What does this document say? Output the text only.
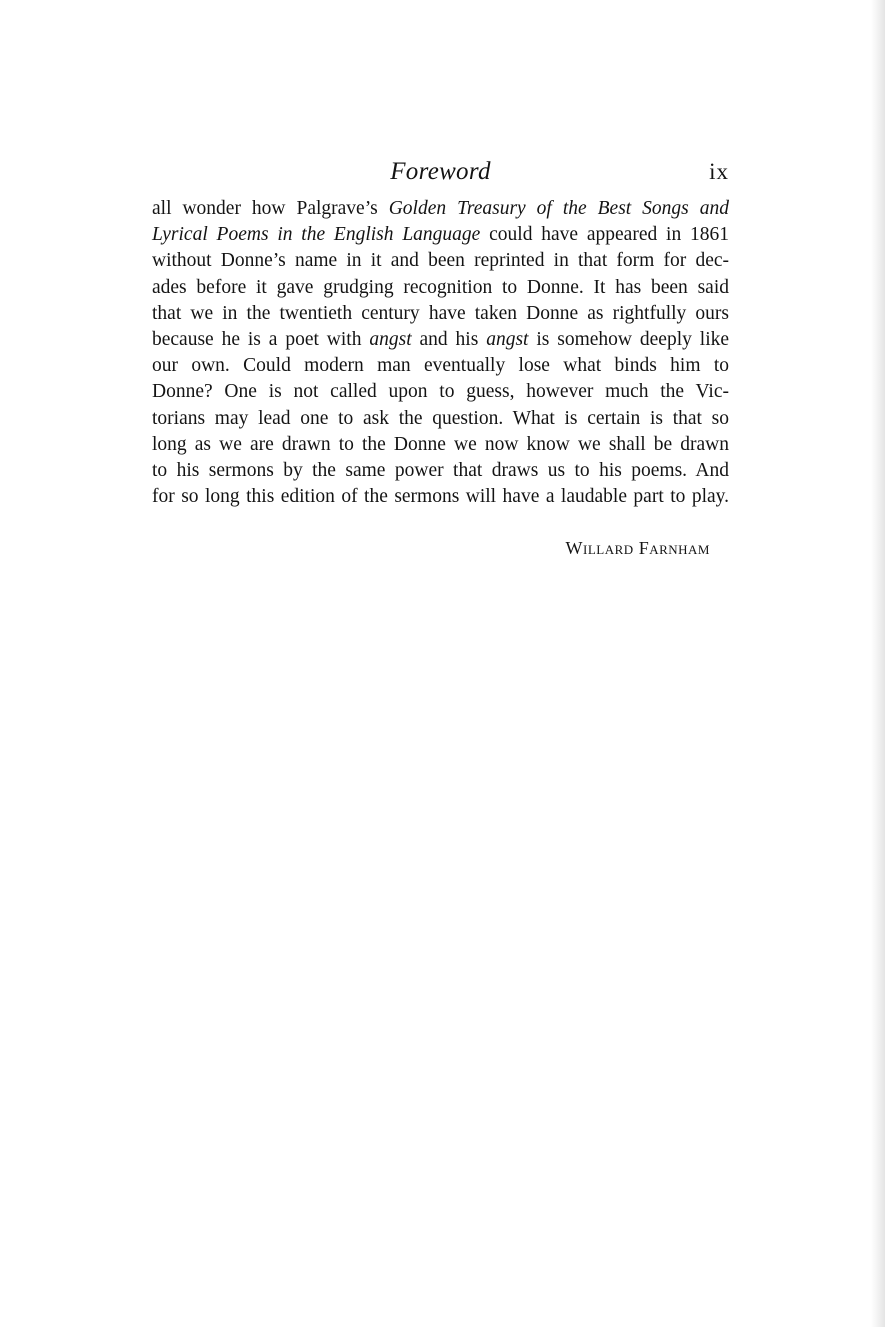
Foreword	ix
all wonder how Palgrave’s Golden Treasury of the Best Songs and
Lyrical Poems in the English Language could have appeared in 1861
without Donne’s name in it and been reprinted in that form for dec-
ades before it gave grudging recognition to Donne. It has been said
that we in the twentieth century have taken Donne as rightfully ours
because he is a poet with angst and his angst is somehow deeply like
our own. Could modern man eventually lose what binds him to
Donne? One is not called upon to guess, however much the Vic-
torians may lead one to ask the question. What is certain is that so
long as we are drawn to the Donne we now know we shall be drawn
to his sermons by the same power that draws us to his poems. And
for so long this edition of the sermons will have a laudable part to play.
Willard Farnham
